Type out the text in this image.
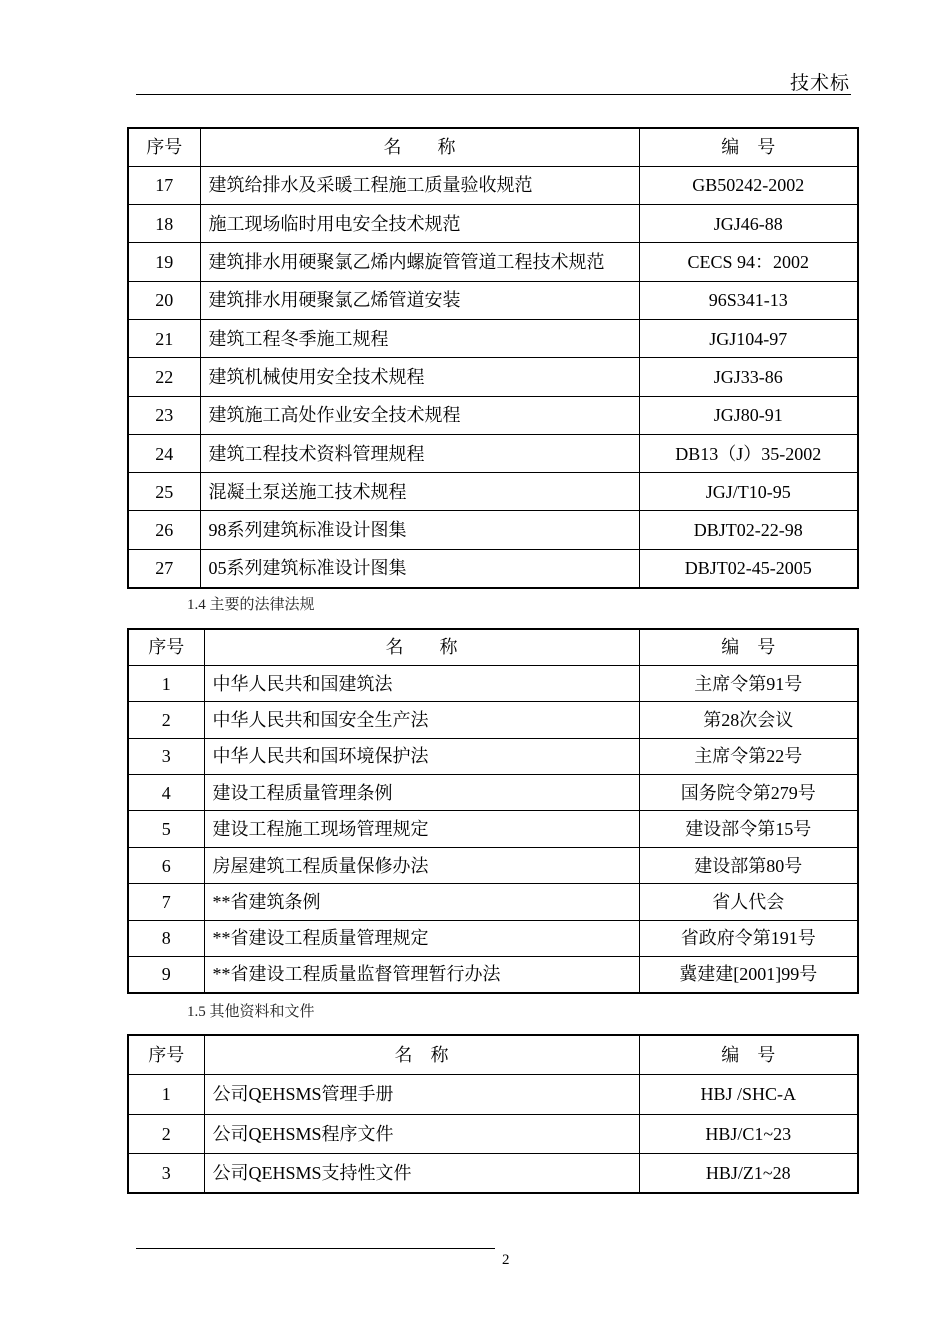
技术标
序号	名　　称	编　号
17	建筑给排水及采暖工程施工质量验收规范	GB50242-2002
18	施工现场临时用电安全技术规范	JGJ46-88
19	建筑排水用硬聚氯乙烯内螺旋管管道工程技术规范	CECS 94：2002
20	建筑排水用硬聚氯乙烯管道安装	96S341-13
21	建筑工程冬季施工规程	JGJ104-97
22	建筑机械使用安全技术规程	JGJ33-86
23	建筑施工高处作业安全技术规程	JGJ80-91
24	建筑工程技术资料管理规程	DB13（J）35-2002
25	混凝土泵送施工技术规程	JGJ/T10-95
26	98系列建筑标准设计图集	DBJT02-22-98
27	05系列建筑标准设计图集	DBJT02-45-2005
1.4 主要的法律法规
序号	名　　称	编　号
1	中华人民共和国建筑法	主席令第91号
2	中华人民共和国安全生产法	第28次会议
3	中华人民共和国环境保护法	主席令第22号
4	建设工程质量管理条例	国务院令第279号
5	建设工程施工现场管理规定	建设部令第15号
6	房屋建筑工程质量保修办法	建设部第80号
7	**省建筑条例	省人代会
8	**省建设工程质量管理规定	省政府令第191号
9	**省建设工程质量监督管理暂行办法	冀建建[2001]99号
1.5 其他资料和文件
序号	名　称	编　号
1	公司QEHSMS管理手册	HBJ /SHC-A
2	公司QEHSMS程序文件	HBJ/C1~23
3	公司QEHSMS支持性文件	HBJ/Z1~28
2
